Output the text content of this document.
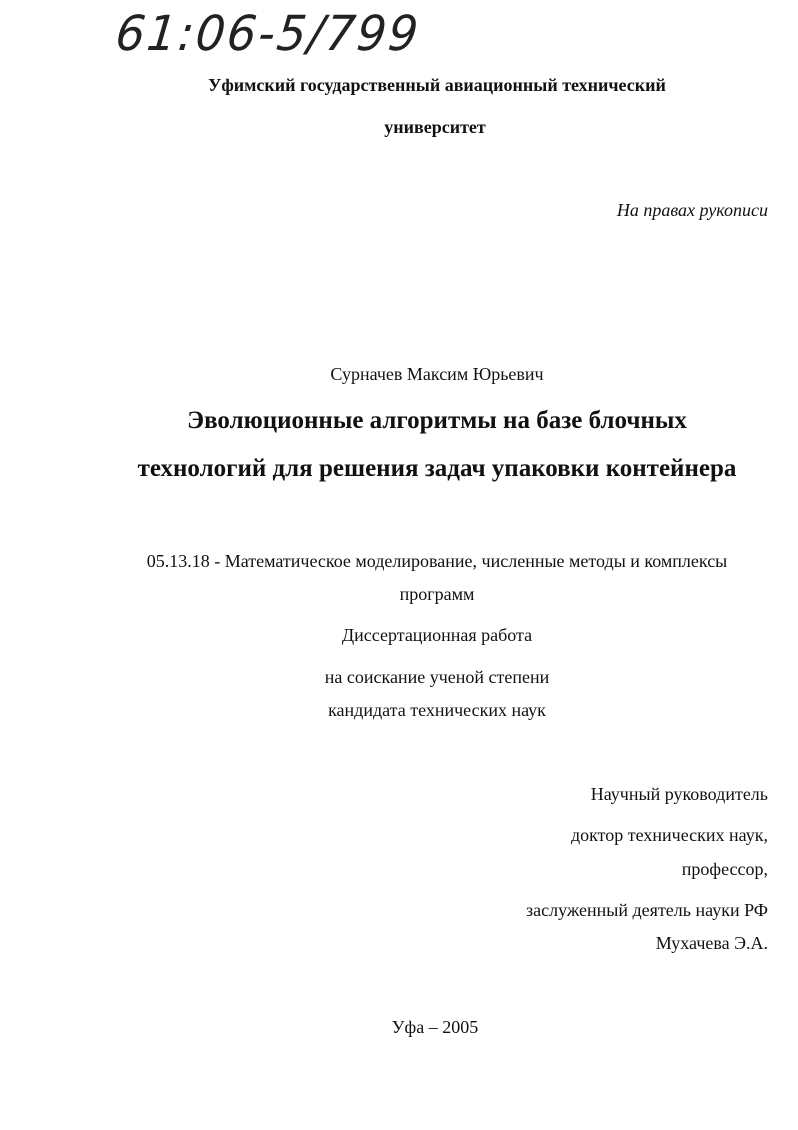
61:06-5/799
Уфимский государственный авиационный технический
университет
На правах рукописи
Сурначев Максим Юрьевич
Эволюционные алгоритмы на базе блочных
технологий для решения задач упаковки контейнера
05.13.18 - Математическое моделирование, численные методы и комплексы
программ
Диссертационная работа
на соискание ученой степени
кандидата технических наук
Научный руководитель
доктор технических наук,
профессор,
заслуженный деятель науки РФ
Мухачева Э.А.
Уфа – 2005
